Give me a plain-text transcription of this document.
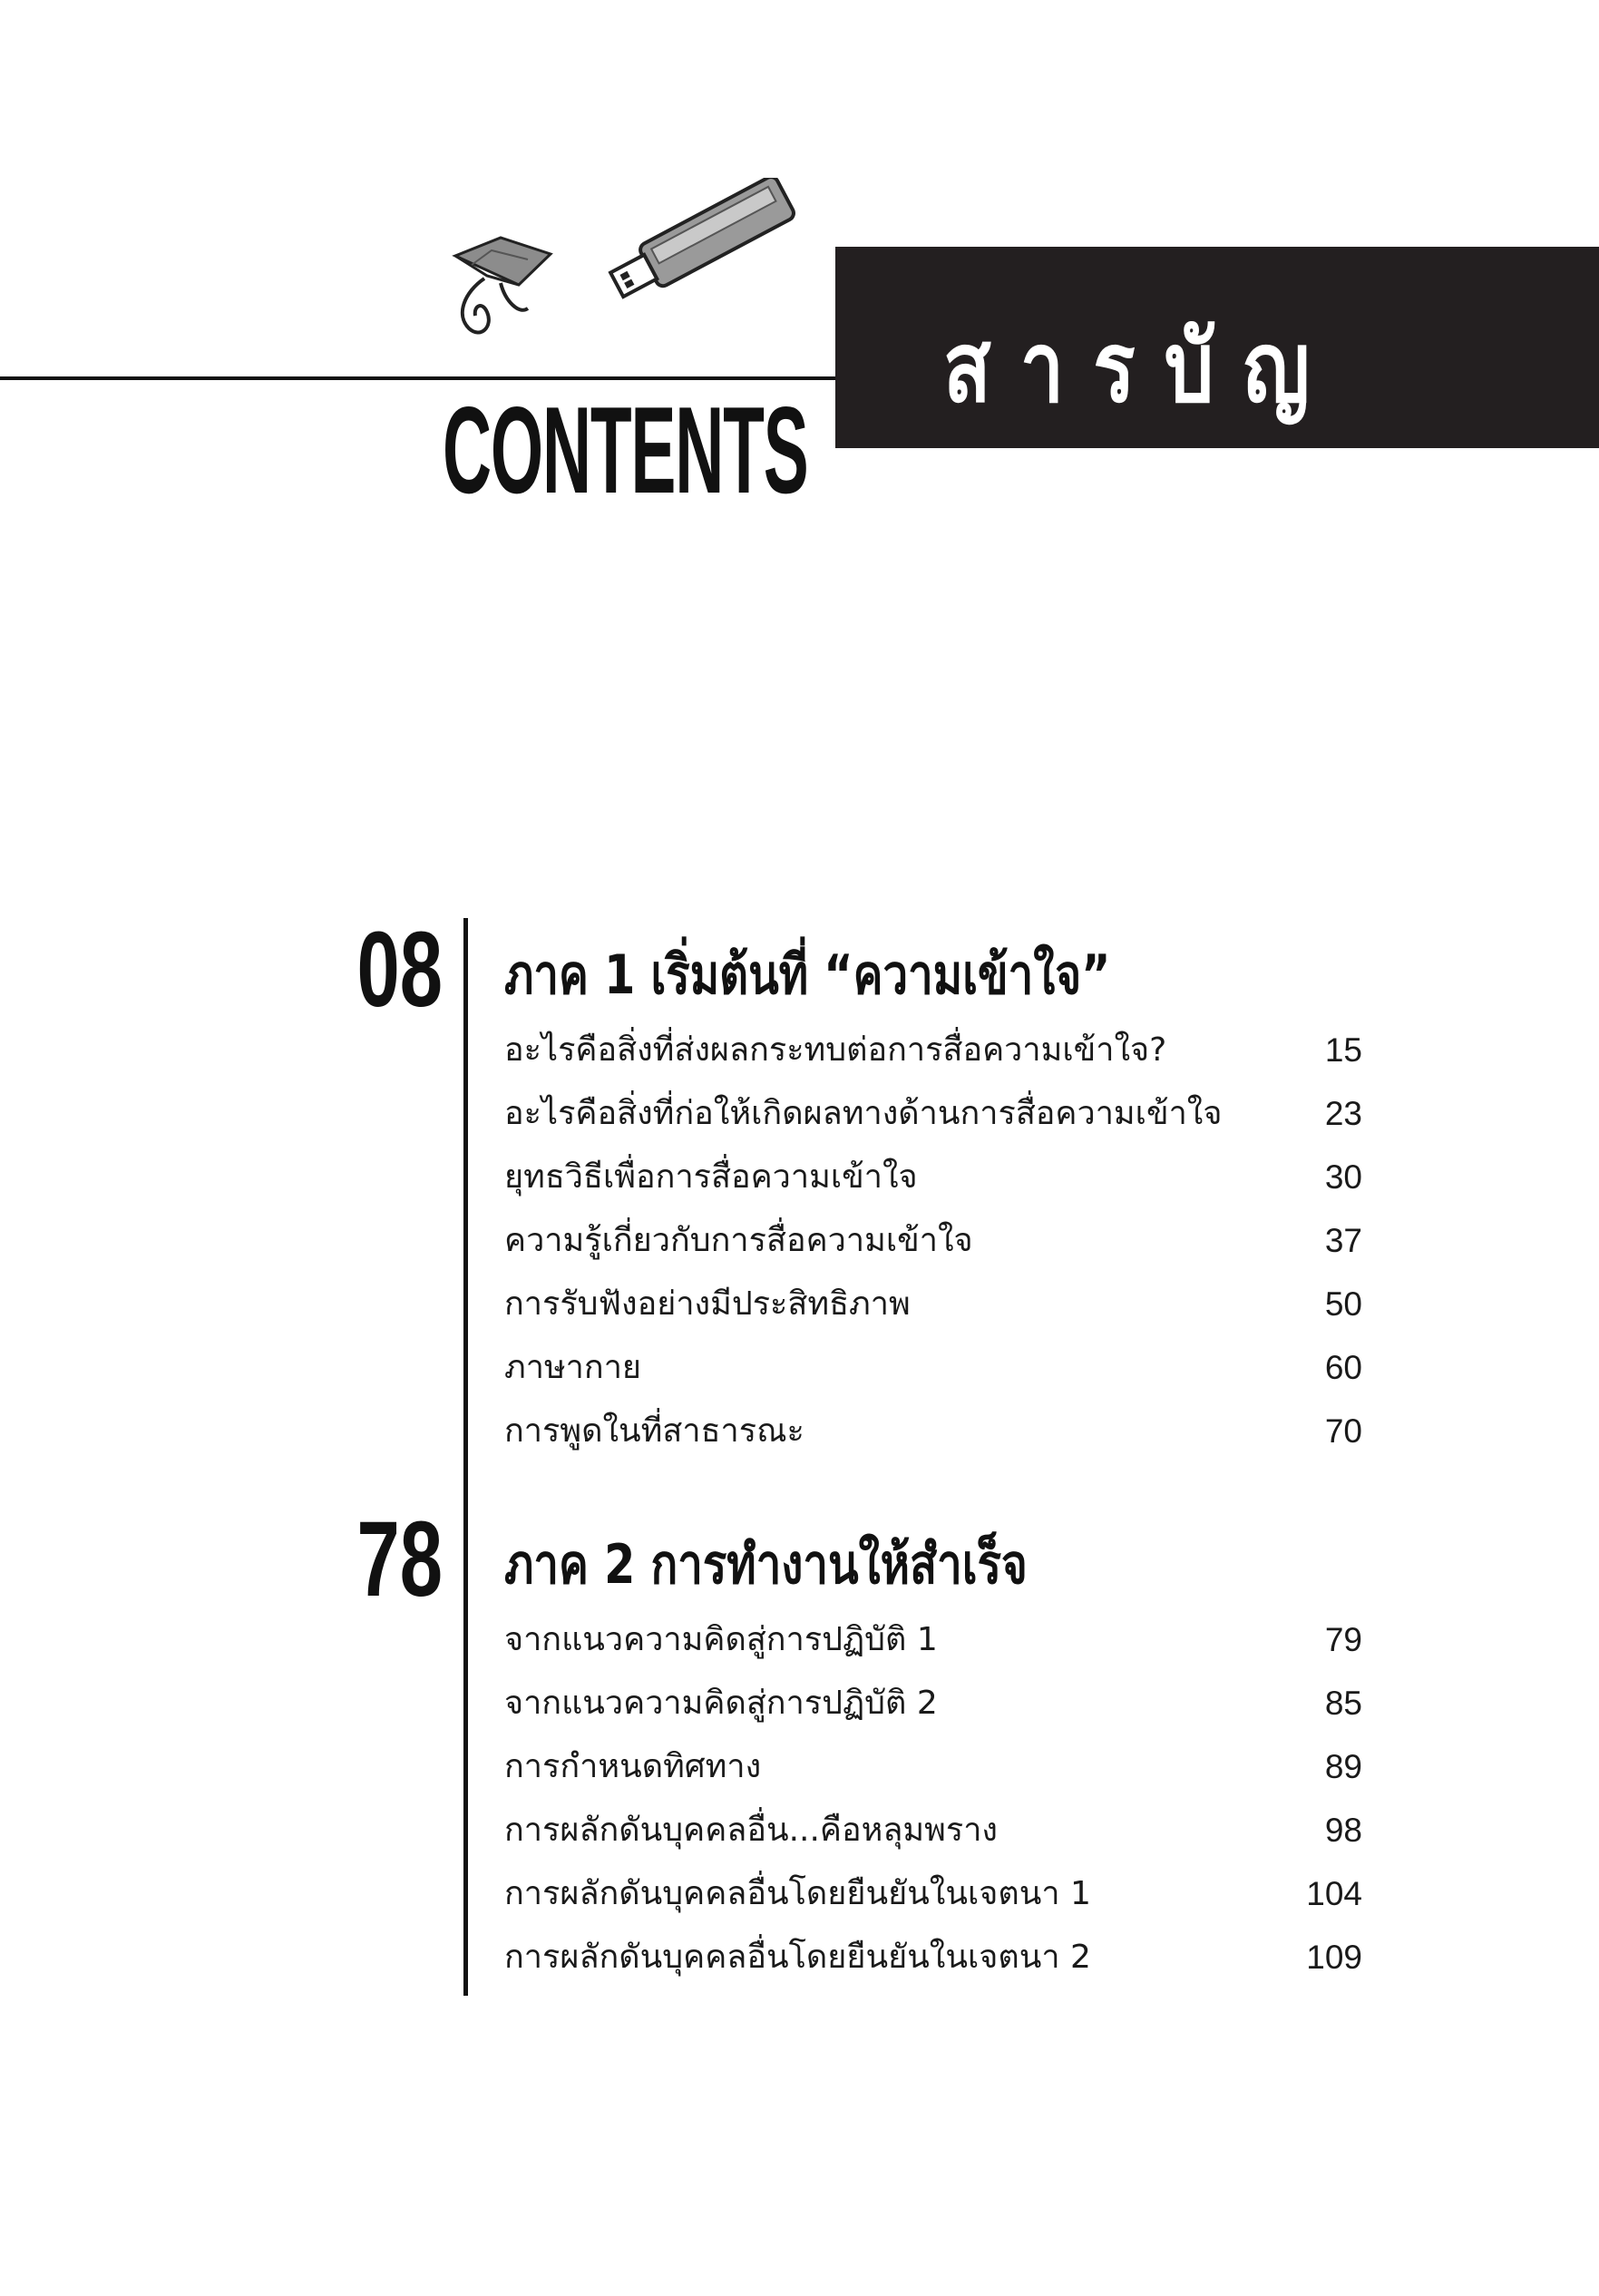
สารบัญ
CONTENTS
08 ภาค 1 เริ่มต้นที่ “ความเข้าใจ”
อะไรคือสิ่งที่ส่งผลกระทบต่อการสื่อความเข้าใจ?	15
อะไรคือสิ่งที่ก่อให้เกิดผลทางด้านการสื่อความเข้าใจ	23
ยุทธวิธีเพื่อการสื่อความเข้าใจ	30
ความรู้เกี่ยวกับการสื่อความเข้าใจ	37
การรับฟังอย่างมีประสิทธิภาพ	50
ภาษากาย	60
การพูดในที่สาธารณะ	70
78 ภาค 2 การทำงานให้สำเร็จ
จากแนวความคิดสู่การปฏิบัติ 1	79
จากแนวความคิดสู่การปฏิบัติ 2	85
การกำหนดทิศทาง	89
การผลักดันบุคคลอื่น...คือหลุมพราง	98
การผลักดันบุคคลอื่นโดยยืนยันในเจตนา 1	104
การผลักดันบุคคลอื่นโดยยืนยันในเจตนา 2	109
